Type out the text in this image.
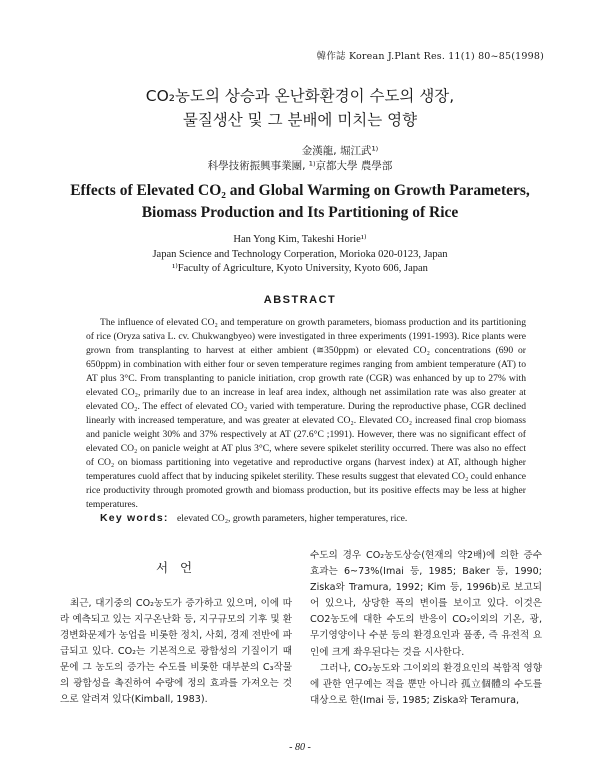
韓作誌 Korean J.Plant Res. 11(1) 80~85(1998)
CO₂농도의 상승과 온난화환경이 수도의 생장,
물질생산 및 그 분배에 미치는 영향
金漢龍, 堀江武¹⁾
科學技術振興事業團, ¹⁾京都大學 農學部
Effects of Elevated CO₂ and Global Warming on Growth Parameters,
Biomass Production and Its Partitioning of Rice
Han Yong Kim, Takeshi Horie¹⁾
Japan Science and Technology Corperation, Morioka 020-0123, Japan
¹⁾Faculty of Agriculture, Kyoto University, Kyoto 606, Japan
ABSTRACT

The influence of elevated CO₂ and temperature on growth parameters, biomass production and its partitioning of rice (Oryza sativa L. cv. Chukwangbyeo) were investigated in three experiments (1991-1993). Rice plants were grown from transplanting to harvest at either ambient (≅350ppm) or elevated CO₂ concentrations (690 or 650ppm) in combination with either four or seven temperature regimes ranging from ambient temperature (AT) to AT plus 3°C. From transplanting to panicle initiation, crop growth rate (CGR) was enhanced by up to 27% with elevated CO₂, primarily due to an increase in leaf area index, although net assimilation rate was also greater at elevated CO₂. The effect of elevated CO₂ varied with temperature. During the reproductive phase, CGR declined linearly with increased temperature, and was greater at elevated CO₂. Elevated CO₂ increased final crop biomass and panicle weight 30% and 37% respectively at AT (27.6°C ;1991). However, there was no significant effect of elevated CO₂ on panicle weight at AT plus 3°C, where severe spikelet sterility occurred. There was also no effect of CO₂ on biomass partitioning into vegetative and reproductive organs (harvest index) at AT, although higher temperatures cuold affect that by inducing spikelet sterility. These results suggest that elevated CO₂ could enhance rice productivity through promoted growth and biomass production, but its positive effects may be less at higher temperatures.

Key words: elevated CO₂, growth parameters, higher temperatures, rice.
서 언

최근, 대기중의 CO₂농도가 증가하고 있으며, 이에 따라 예측되고 있는 지구온난화 등, 지구규모의 기후 및 환경변화문제가 농업을 비롯한 정치, 사회, 경제 전반에 파급되고 있다. CO₂는 기본적으로 광합성의 기질이기 때문에 그 농도의 증가는 수도를 비롯한 대부분의 C₃작물의 광합성을 촉진하여 수량에 정의 효과를 가져오는 것으로 알려져 있다(Kimball, 1983).

수도의 경우 CO₂농도상승(현재의 약2배)에 의한 증수효과는 6~73%(Imai 등, 1985; Baker 등, 1990; Ziska와 Tramura, 1992; Kim 등, 1996b)로 보고되어 있으나, 상당한 폭의 변이를 보이고 있다. 이것은 CO2농도에 대한 수도의 반응이 CO₂이외의 기온, 광, 무기영양이나 수분 등의 환경요인과 품종, 즉 유전적 요인에 크게 좌우된다는 것을 시사한다.

그러나, CO₂농도와 그이외의 환경요인의 복합적 영향에 관한 연구예는 적을 뿐만 아니라 孤立個體의 수도를 대상으로 한(Imai 등, 1985; Ziska와 Teramura,

- 80 -
